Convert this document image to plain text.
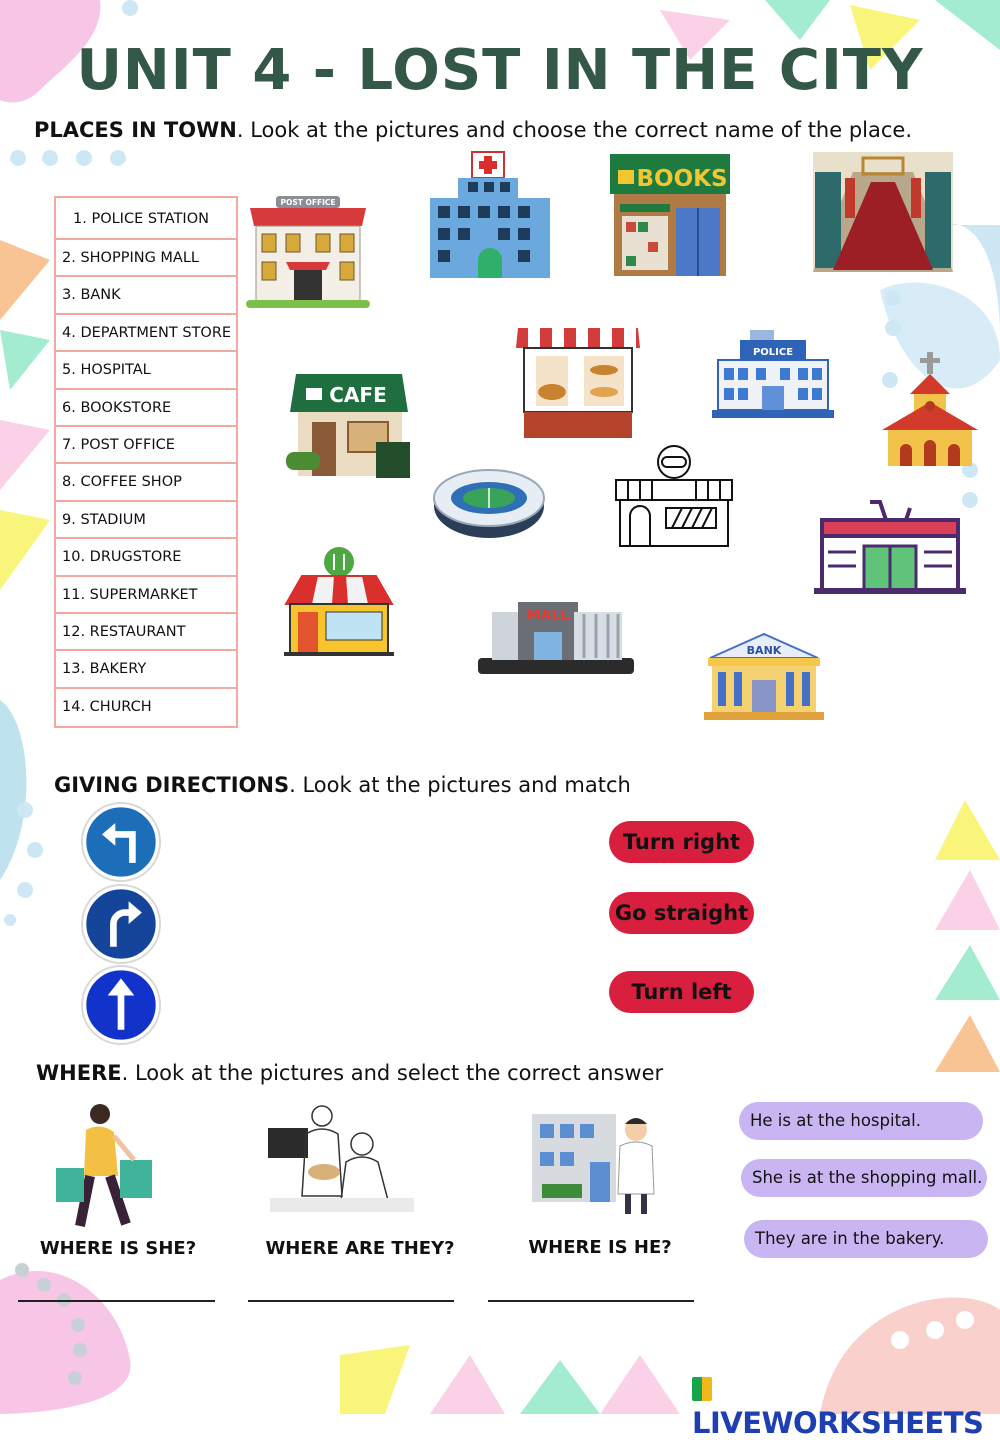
UNIT 4 - LOST IN THE CITY
PLACES IN TOWN. Look at the pictures and choose the correct name of the place.
1. POLICE STATION
2. SHOPPING MALL
3. BANK
4. DEPARTMENT STORE
5. HOSPITAL
6. BOOKSTORE
7. POST OFFICE
8. COFFEE SHOP
9. STADIUM
10. DRUGSTORE
11. SUPERMARKET
12. RESTAURANT
13. BAKERY
14. CHURCH
POST OFFICE
BOOKS
CAFE
POLICE
MALL
BANK
GIVING DIRECTIONS. Look at the pictures and match
Turn right
Go straight
Turn left
WHERE. Look at the pictures and select the correct answer
WHERE IS SHE?	WHERE ARE THEY?	WHERE IS HE?
He is at the hospital.
She is at the shopping mall.
They are in the bakery.
LIVEWORKSHEETS
